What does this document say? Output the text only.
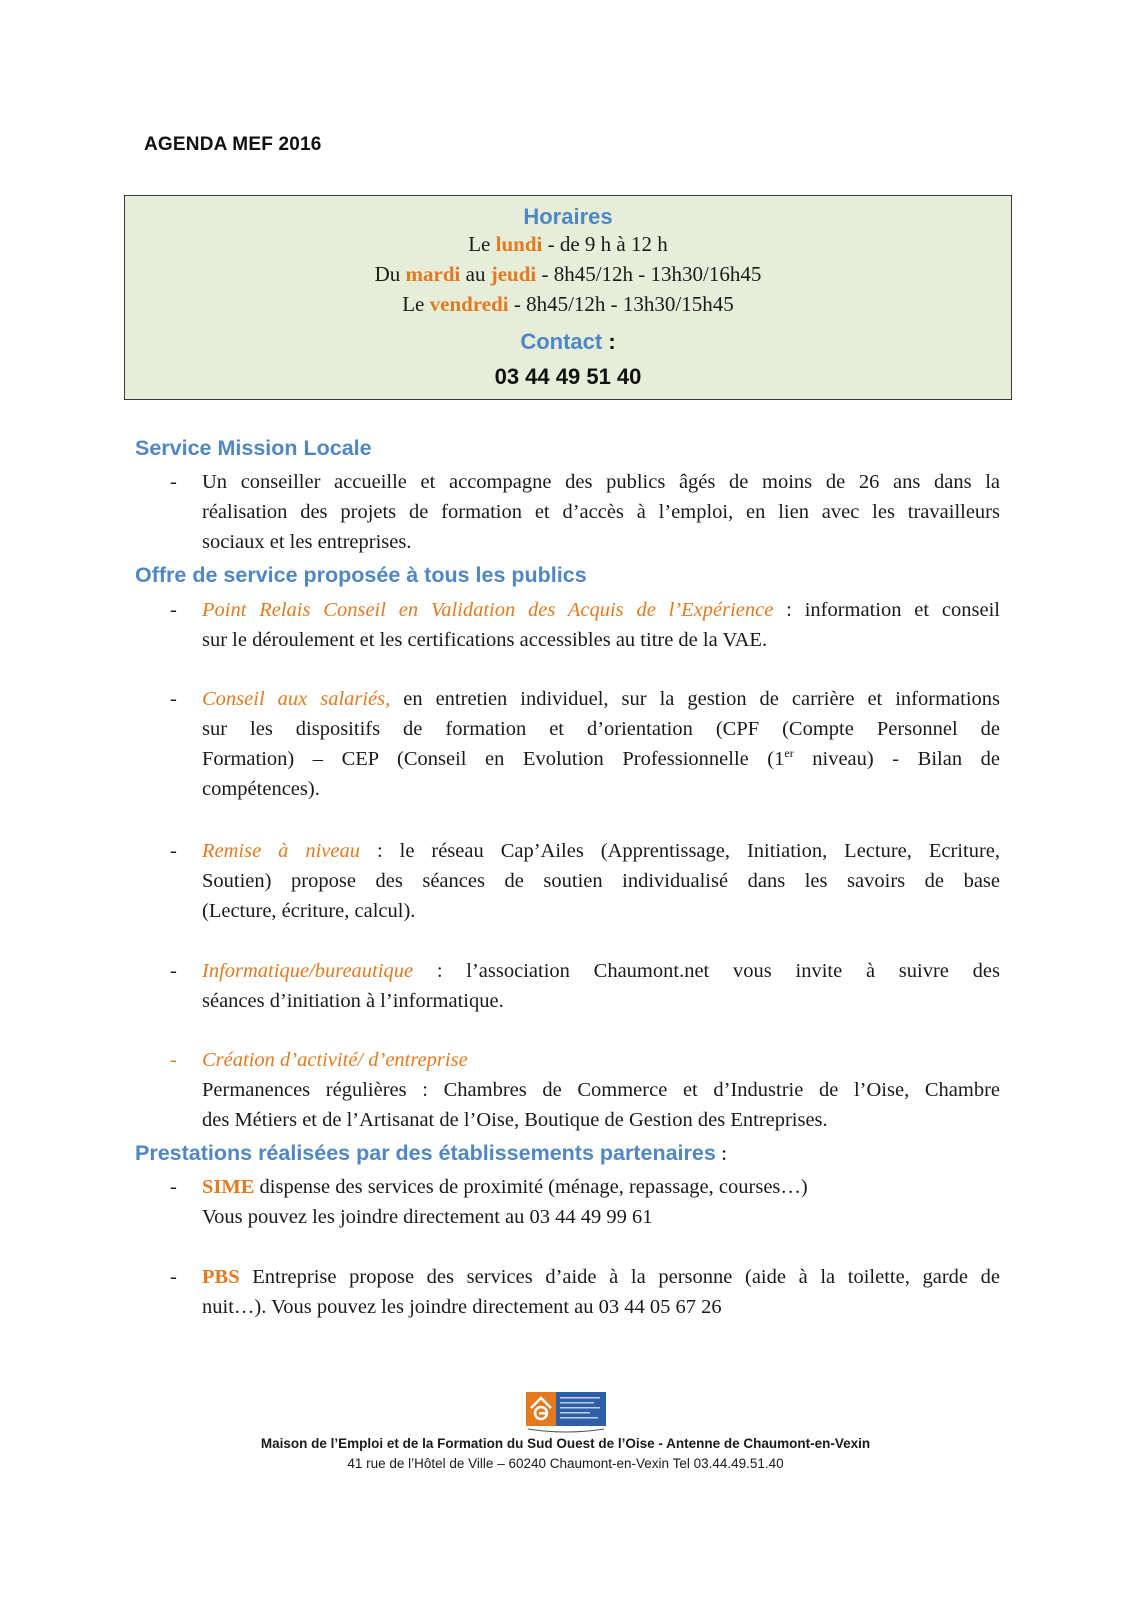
AGENDA MEF 2016
Horaires
Le lundi - de 9 h à 12 h
Du mardi au jeudi - 8h45/12h - 13h30/16h45
Le vendredi - 8h45/12h - 13h30/15h45
Contact :
03 44 49 51 40
Service Mission Locale
-	Un conseiller accueille et accompagne des publics âgés de moins de 26 ans dans la
réalisation des projets de formation et d’accès à l’emploi, en lien avec les travailleurs
sociaux et les entreprises.
Offre de service proposée à tous les publics
-	Point Relais Conseil en Validation des Acquis de l’Expérience : information et conseil
sur le déroulement et les certifications accessibles au titre de la VAE.
-	Conseil aux salariés, en entretien individuel, sur la gestion de carrière et informations
sur les dispositifs de formation et d’orientation (CPF (Compte Personnel de
Formation) – CEP (Conseil en Evolution Professionnelle (1er niveau) - Bilan de
compétences).
-	Remise à niveau : le réseau Cap’Ailes (Apprentissage, Initiation, Lecture, Ecriture,
Soutien) propose des séances de soutien individualisé dans les savoirs de base
(Lecture, écriture, calcul).
-	Informatique/bureautique : l’association Chaumont.net vous invite à suivre des
séances d’initiation à l’informatique.
-	Création d’activité/ d’entreprise
Permanences régulières : Chambres de Commerce et d’Industrie de l’Oise, Chambre
des Métiers et de l’Artisanat de l’Oise, Boutique de Gestion des Entreprises.
Prestations réalisées par des établissements partenaires :
-	SIME dispense des services de proximité (ménage, repassage, courses…)
Vous pouvez les joindre directement au 03 44 49 99 61
-	PBS Entreprise propose des services d’aide à la personne (aide à la toilette, garde de
nuit…). Vous pouvez les joindre directement au 03 44 05 67 26
Maison de l’Emploi et de la Formation du Sud Ouest de l’Oise - Antenne de Chaumont-en-Vexin
41 rue de l’Hôtel de Ville – 60240 Chaumont-en-Vexin Tel 03.44.49.51.40
